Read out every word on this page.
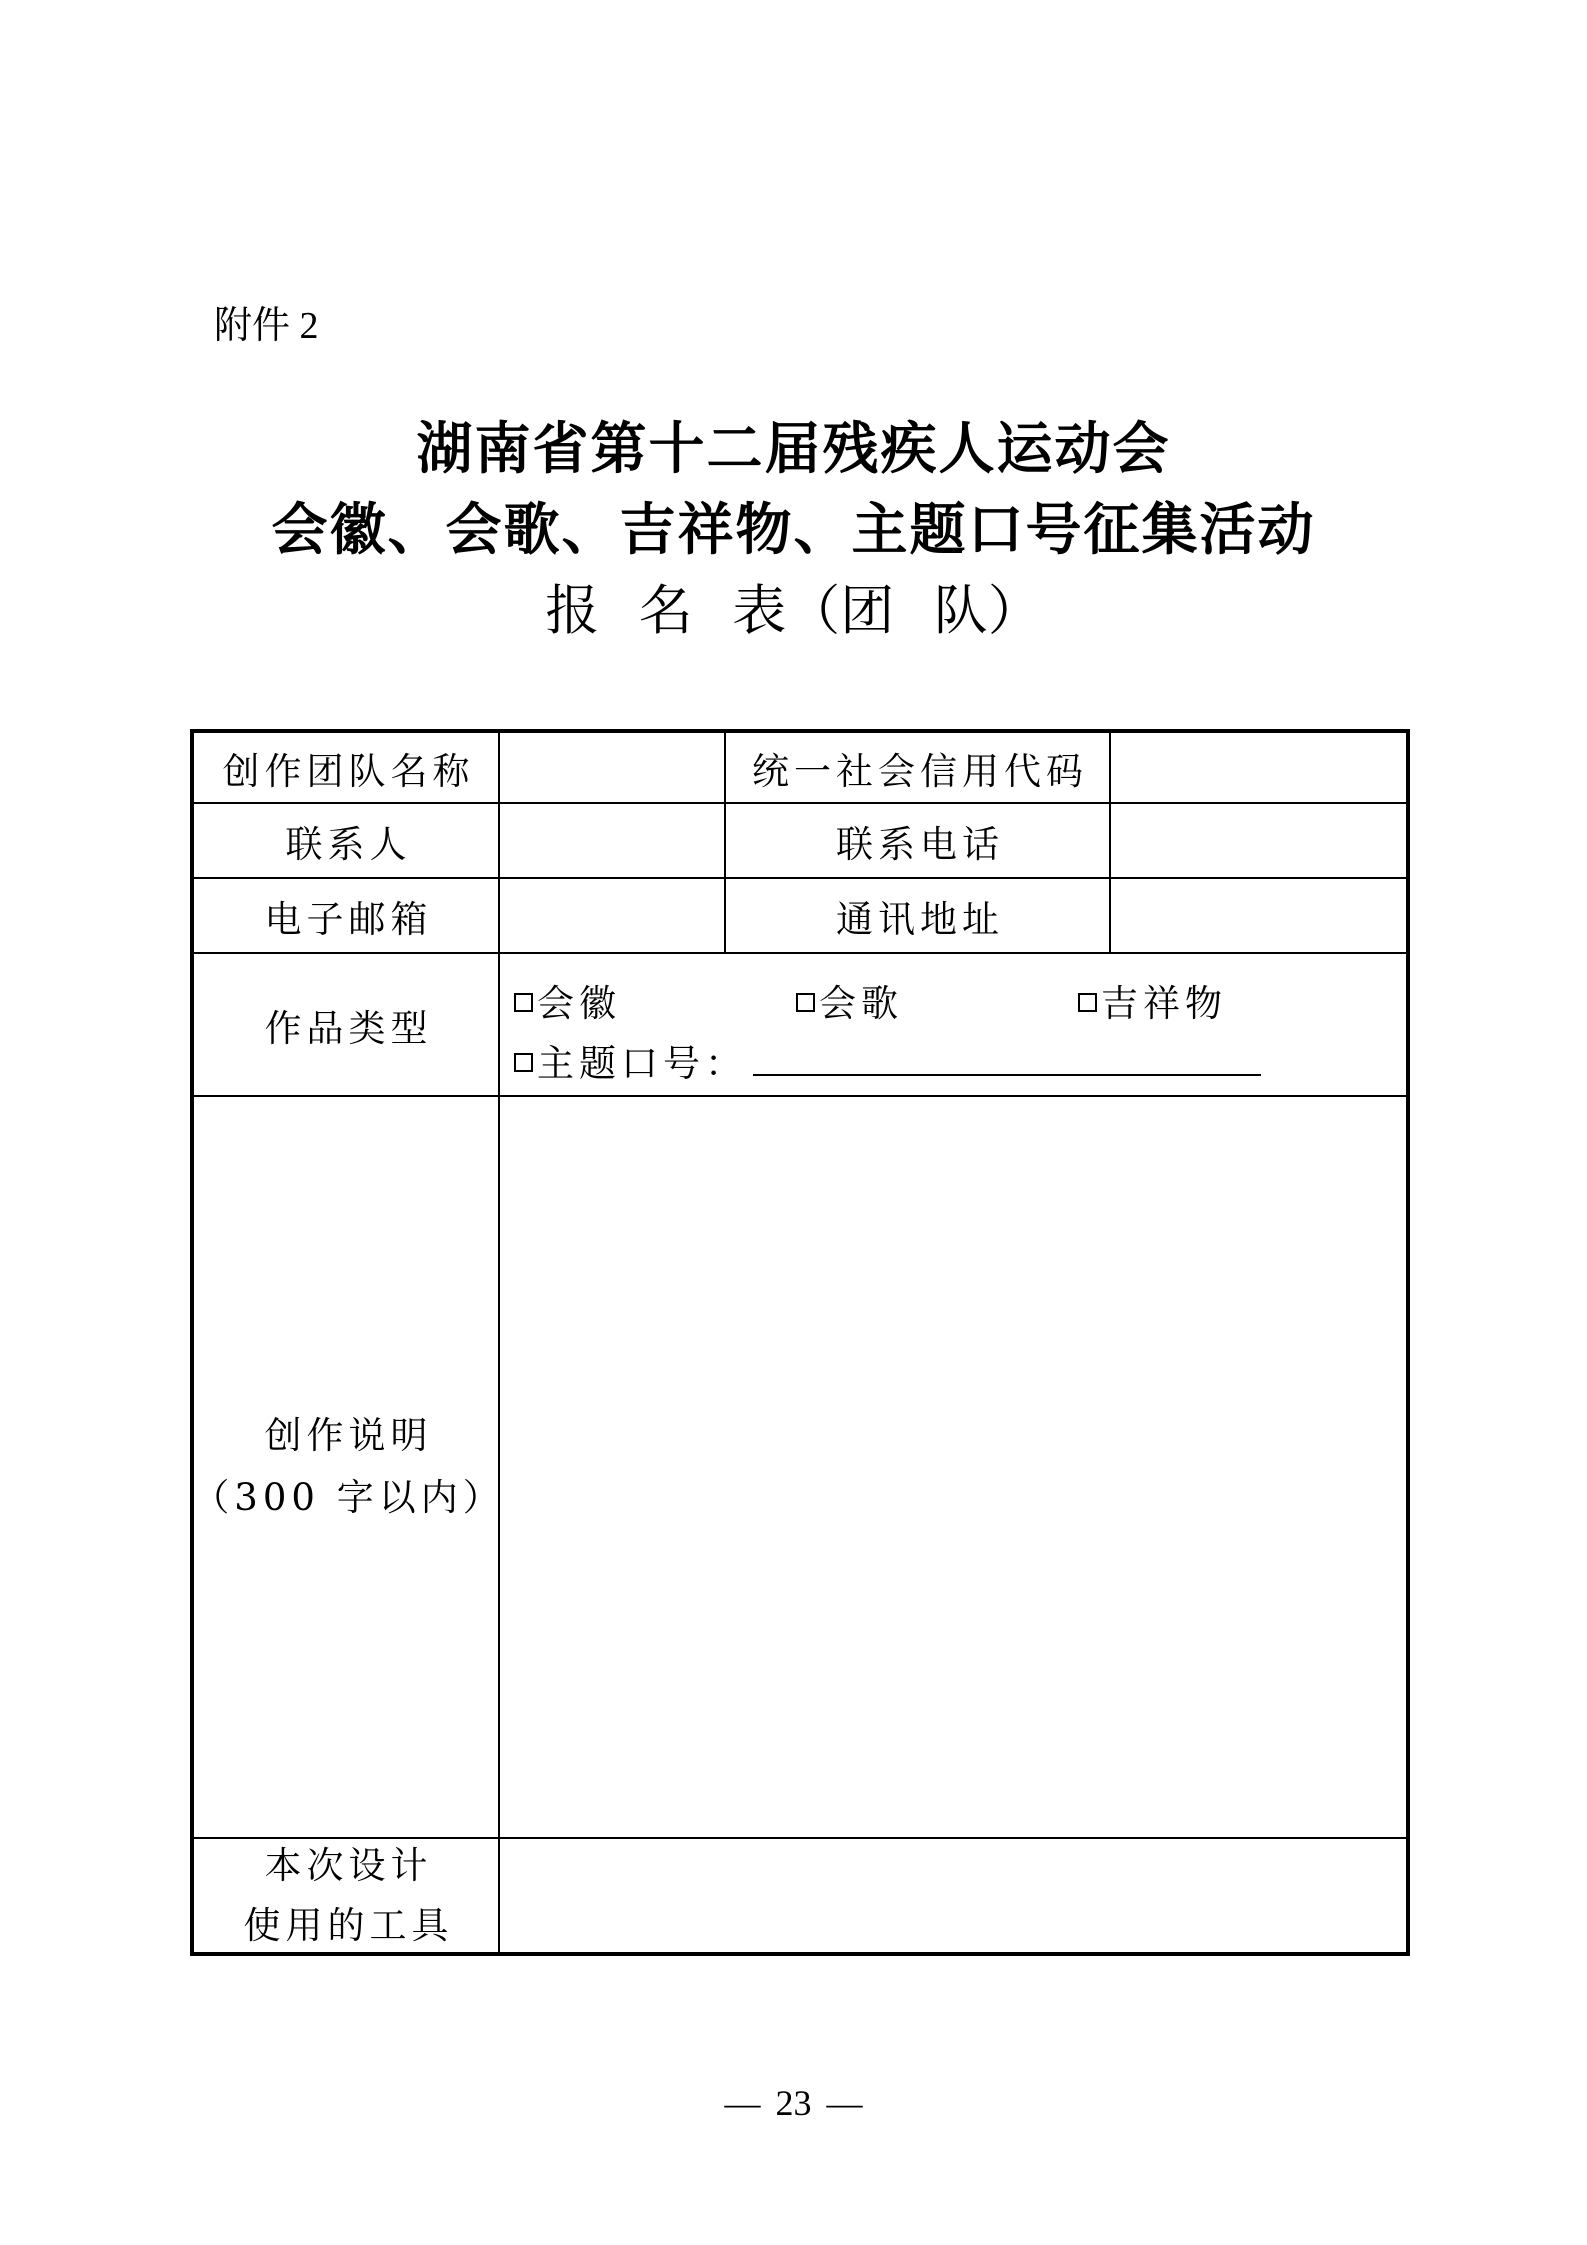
附件 2
湖南省第十二届残疾人运动会
会徽、会歌、吉祥物、主题口号征集活动
报 名 表（团 队）
创作团队名称	统一社会信用代码
联系人	联系电话
电子邮箱	通讯地址
作品类型
会徽	会歌	吉祥物
主题口号：
创作说明
（300 字以内）
本次设计
使用的工具
— 23 —
